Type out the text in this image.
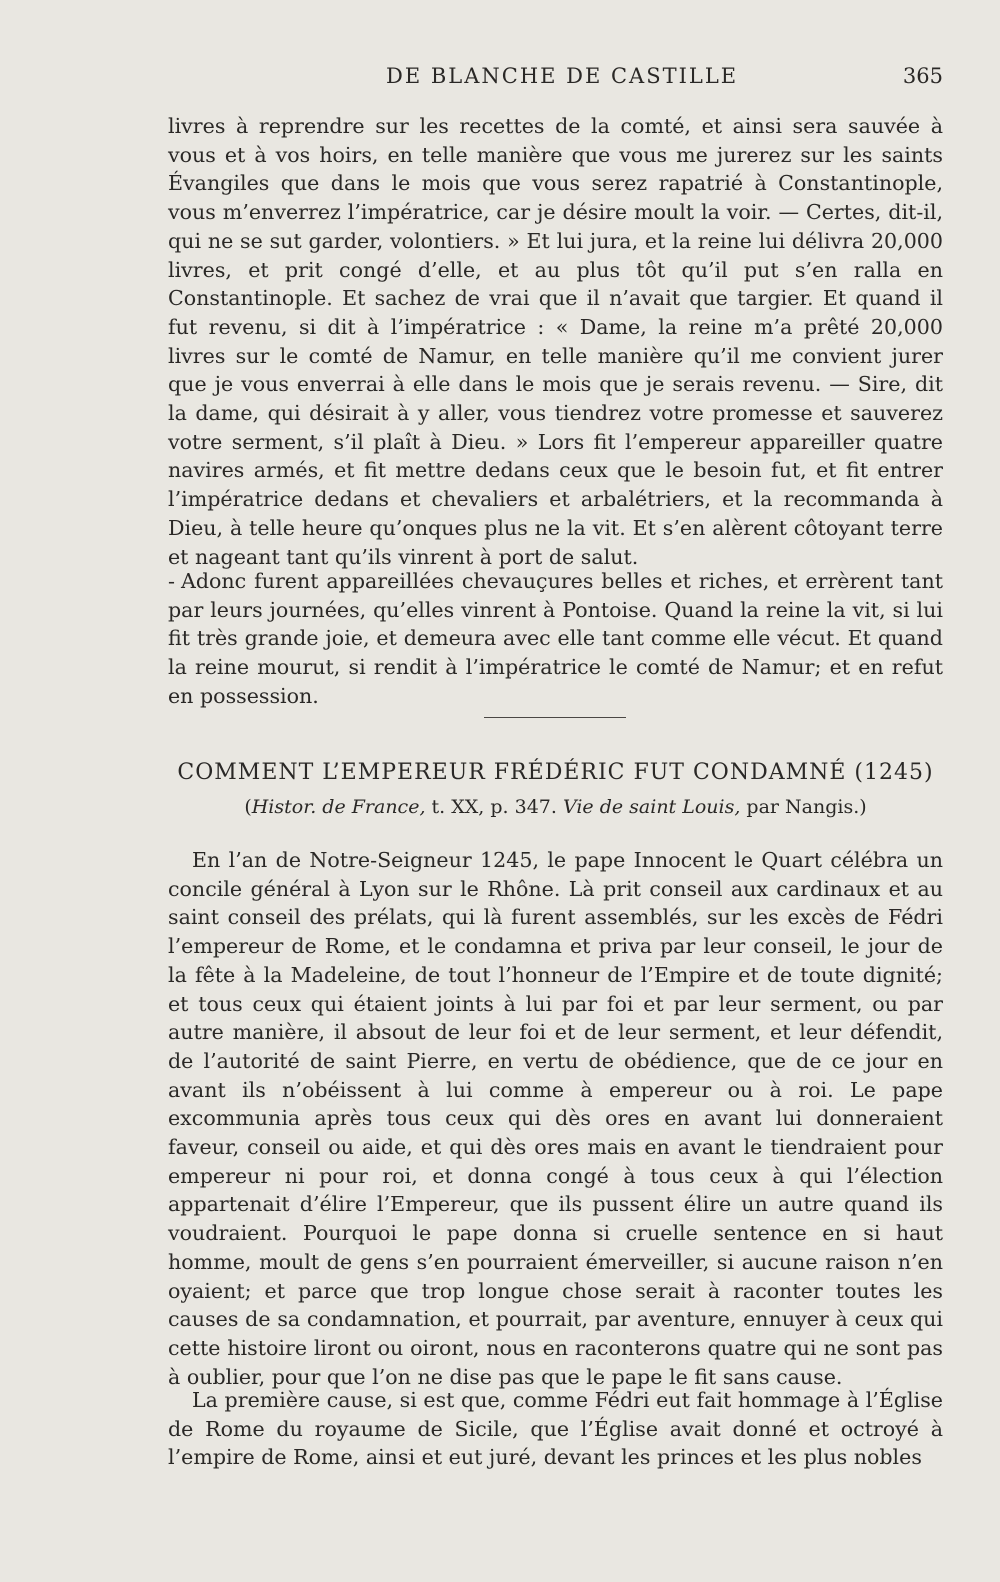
DE BLANCHE DE CASTILLE	365

livres à reprendre sur les recettes de la comté, et ainsi sera sauvée à vous et à vos hoirs, en telle manière que vous me jurerez sur les saints Évangiles que dans le mois que vous serez rapatrié à Constantinople, vous m’enverrez l’impératrice, car je désire moult la voir. — Certes, dit-il, qui ne se sut garder, volontiers. » Et lui jura, et la reine lui délivra 20,000 livres, et prit congé d’elle, et au plus tôt qu’il put s’en ralla en Constantinople. Et sachez de vrai que il n’avait que targier. Et quand il fut revenu, si dit à l’impératrice : « Dame, la reine m’a prêté 20,000 livres sur le comté de Namur, en telle manière qu’il me convient jurer que je vous enverrai à elle dans le mois que je serais revenu. — Sire, dit la dame, qui désirait à y aller, vous tiendrez votre promesse et sauverez votre serment, s’il plaît à Dieu. » Lors fit l’empereur appareiller quatre navires armés, et fit mettre dedans ceux que le besoin fut, et fit entrer l’impératrice dedans et chevaliers et arbalétriers, et la recommanda à Dieu, à telle heure qu’onques plus ne la vit. Et s’en alèrent côtoyant terre et nageant tant qu’ils vinrent à port de salut.

- Adonc furent appareillées chevauçures belles et riches, et errèrent tant par leurs journées, qu’elles vinrent à Pontoise. Quand la reine la vit, si lui fit très grande joie, et demeura avec elle tant comme elle vécut. Et quand la reine mourut, si rendit à l’impératrice le comté de Namur; et en refut en possession.

COMMENT L’EMPEREUR FRÉDÉRIC FUT CONDAMNÉ (1245)
(Histor. de France, t. XX, p. 347. Vie de saint Louis, par Nangis.)

En l’an de Notre-Seigneur 1245, le pape Innocent le Quart célébra un concile général à Lyon sur le Rhône. Là prit conseil aux cardinaux et au saint conseil des prélats, qui là furent assemblés, sur les excès de Fédri l’empereur de Rome, et le condamna et priva par leur conseil, le jour de la fête à la Madeleine, de tout l’honneur de l’Empire et de toute dignité; et tous ceux qui étaient joints à lui par foi et par leur serment, ou par autre manière, il absout de leur foi et de leur serment, et leur défendit, de l’autorité de saint Pierre, en vertu de obédience, que de ce jour en avant ils n’obéissent à lui comme à empereur ou à roi. Le pape excommunia après tous ceux qui dès ores en avant lui donneraient faveur, conseil ou aide, et qui dès ores mais en avant le tiendraient pour empereur ni pour roi, et donna congé à tous ceux à qui l’élection appartenait d’élire l’Empereur, que ils pussent élire un autre quand ils voudraient. Pourquoi le pape donna si cruelle sentence en si haut homme, moult de gens s’en pourraient émerveiller, si aucune raison n’en oyaient; et parce que trop longue chose serait à raconter toutes les causes de sa condamnation, et pourrait, par aventure, ennuyer à ceux qui cette histoire liront ou oiront, nous en raconterons quatre qui ne sont pas à oublier, pour que l’on ne dise pas que le pape le fit sans cause.

La première cause, si est que, comme Fédri eut fait hommage à l’Église de Rome du royaume de Sicile, que l’Église avait donné et octroyé à l’empire de Rome, ainsi et eut juré, devant les princes et les plus nobles
